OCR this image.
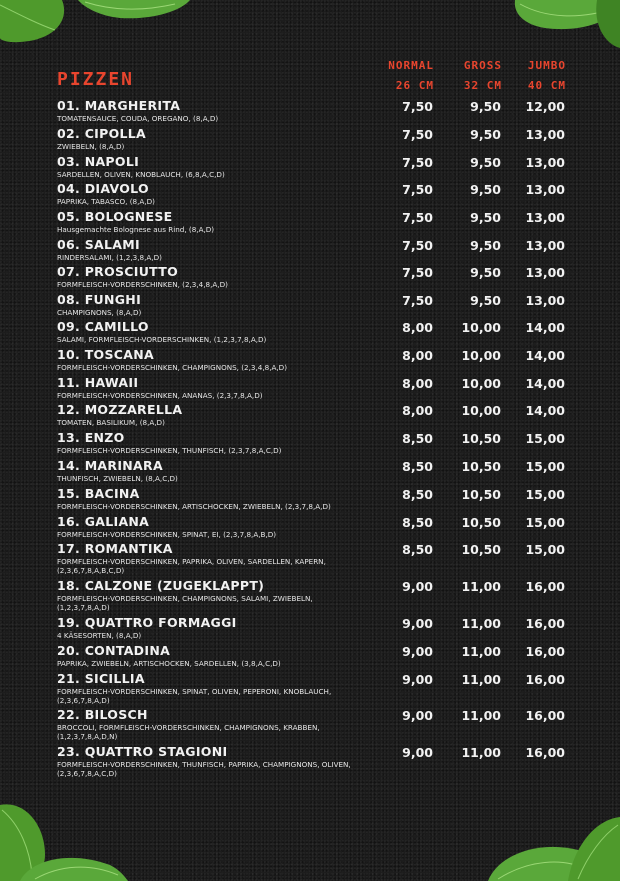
PIZZEN
NORMAL
26 CM
GROSS
32 CM
JUMBO
40 CM
01. MARGHERITA
TOMATENSAUCE, COUDA, OREGANO, (8,A,D)
7,50	9,50	12,00
02. CIPOLLA
ZWIEBELN, (8,A,D)
7,50	9,50	13,00
03. NAPOLI
SARDELLEN, OLIVEN, KNOBLAUCH, (6,8,A,C,D)
7,50	9,50	13,00
04. DIAVOLO
PAPRIKA, TABASCO, (8,A,D)
7,50	9,50	13,00
05. BOLOGNESE
Hausgemachte Bolognese aus Rind, (8,A,D)
7,50	9,50	13,00
06. SALAMI
RINDERSALAMI, (1,2,3,8,A,D)
7,50	9,50	13,00
07. PROSCIUTTO
FORMFLEISCH-VORDERSCHINKEN, (2,3,4,8,A,D)
7,50	9,50	13,00
08. FUNGHI
CHAMPIGNONS, (8,A,D)
7,50	9,50	13,00
09. CAMILLO
SALAMI, FORMFLEISCH-VORDERSCHINKEN, (1,2,3,7,8,A,D)
8,00	10,00	14,00
10. TOSCANA
FORMFLEISCH-VORDERSCHINKEN, CHAMPIGNONS, (2,3,4,8,A,D)
8,00	10,00	14,00
11. HAWAII
FORMFLEISCH-VORDERSCHINKEN, ANANAS, (2,3,7,8,A,D)
8,00	10,00	14,00
12. MOZZARELLA
TOMATEN, BASILIKUM, (8,A,D)
8,00	10,00	14,00
13. ENZO
FORMFLEISCH-VORDERSCHINKEN, THUNFISCH, (2,3,7,8,A,C,D)
8,50	10,50	15,00
14. MARINARA
THUNFISCH, ZWIEBELN, (8,A,C,D)
8,50	10,50	15,00
15. BACINA
FORMFLEISCH-VORDERSCHINKEN, ARTISCHOCKEN, ZWIEBELN, (2,3,7,8,A,D)
8,50	10,50	15,00
16. GALIANA
FORMFLEISCH-VORDERSCHINKEN, SPINAT, EI, (2,3,7,8,A,B,D)
8,50	10,50	15,00
17. ROMANTIKA
FORMFLEISCH-VORDERSCHINKEN, PAPRIKA, OLIVEN, SARDELLEN, KAPERN, (2,3,6,7,8,A,B,C,D)
8,50	10,50	15,00
18. CALZONE (ZUGEKLAPPT)
FORMFLEISCH-VORDERSCHINKEN, CHAMPIGNONS, SALAMI, ZWIEBELN, (1,2,3,7,8,A,D)
9,00	11,00	16,00
19. QUATTRO FORMAGGI
4 KÄSESORTEN, (8,A,D)
9,00	11,00	16,00
20. CONTADINA
PAPRIKA, ZWIEBELN, ARTISCHOCKEN, SARDELLEN, (3,8,A,C,D)
9,00	11,00	16,00
21. SICILLIA
FORMFLEISCH-VORDERSCHINKEN, SPINAT, OLIVEN, PEPERONI, KNOBLAUCH, (2,3,6,7,8,A,D)
9,00	11,00	16,00
22. BILOSCH
BROCCOLI, FORMFLEISCH-VORDERSCHINKEN, CHAMPIGNONS, KRABBEN, (1,2,3,7,8,A,D,N)
9,00	11,00	16,00
23. QUATTRO STAGIONI
FORMFLEISCH-VORDERSCHINKEN, THUNFISCH, PAPRIKA, CHAMPIGNONS, OLIVEN, (2,3,6,7,8,A,C,D)
9,00	11,00	16,00
